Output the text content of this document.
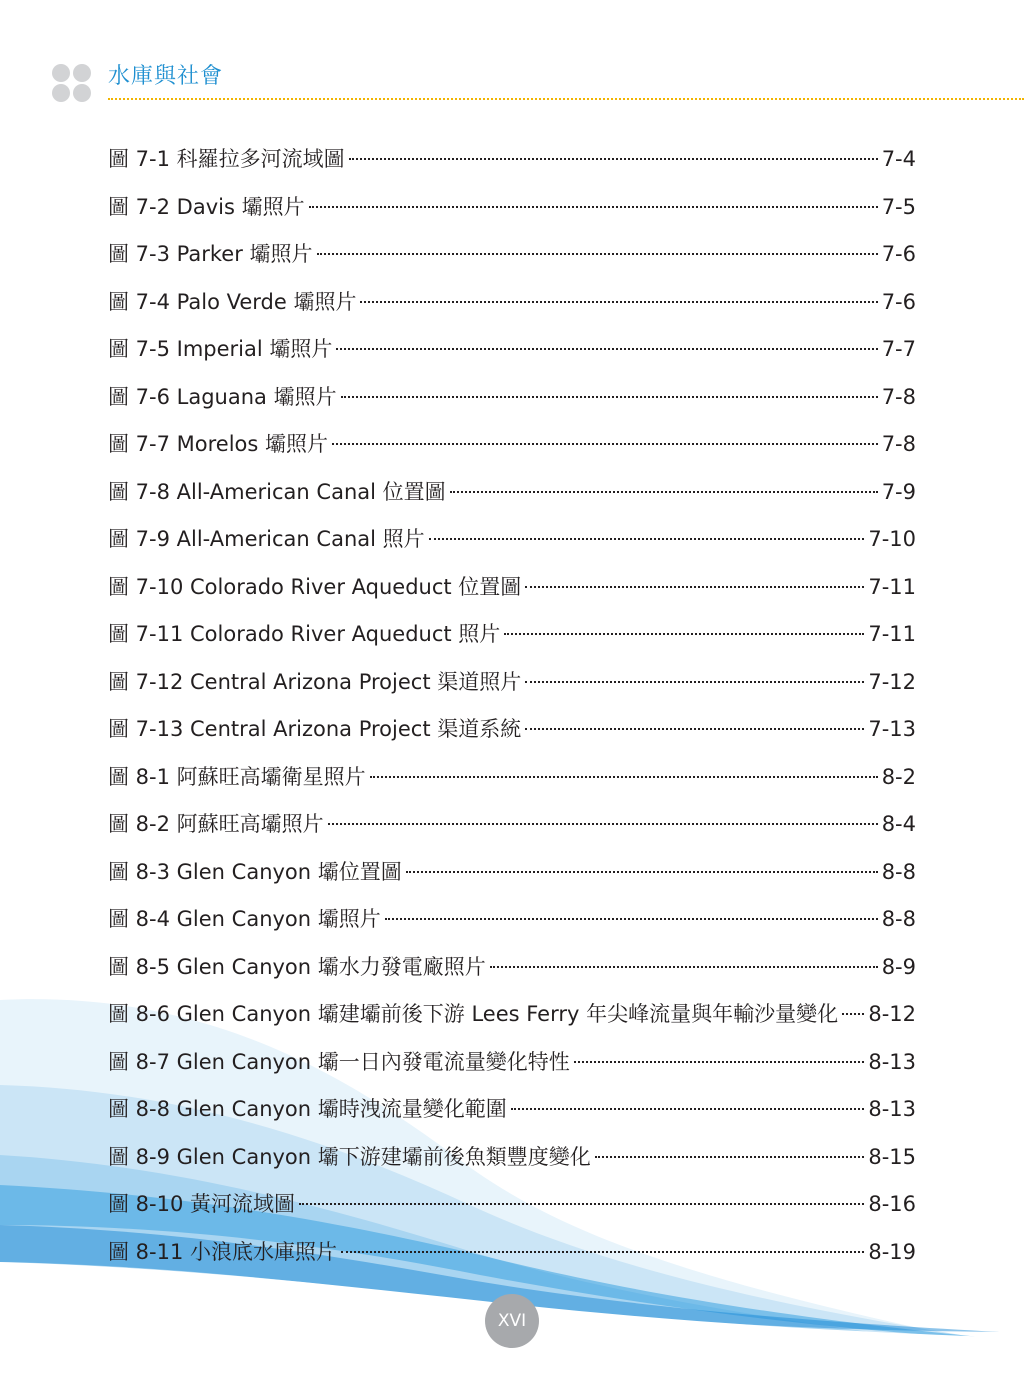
水庫與社會
圖 7-1 科羅拉多河流域圖	7-4
圖 7-2 Davis 壩照片	7-5
圖 7-3 Parker 壩照片	7-6
圖 7-4 Palo Verde 壩照片	7-6
圖 7-5 Imperial 壩照片	7-7
圖 7-6 Laguana 壩照片	7-8
圖 7-7 Morelos 壩照片	7-8
圖 7-8 All-American Canal 位置圖	7-9
圖 7-9 All-American Canal 照片	7-10
圖 7-10 Colorado River Aqueduct 位置圖	7-11
圖 7-11 Colorado River Aqueduct 照片	7-11
圖 7-12 Central Arizona Project 渠道照片	7-12
圖 7-13 Central Arizona Project 渠道系統	7-13
圖 8-1 阿蘇旺高壩衛星照片	8-2
圖 8-2 阿蘇旺高壩照片	8-4
圖 8-3 Glen Canyon 壩位置圖	8-8
圖 8-4 Glen Canyon 壩照片	8-8
圖 8-5 Glen Canyon 壩水力發電廠照片	8-9
圖 8-6 Glen Canyon 壩建壩前後下游 Lees Ferry 年尖峰流量與年輸沙量變化 8-12
圖 8-7 Glen Canyon 壩一日內發電流量變化特性	8-13
圖 8-8 Glen Canyon 壩時洩流量變化範圍	8-13
圖 8-9 Glen Canyon 壩下游建壩前後魚類豐度變化	8-15
圖 8-10 黃河流域圖	8-16
圖 8-11 小浪底水庫照片	8-19
XVI
